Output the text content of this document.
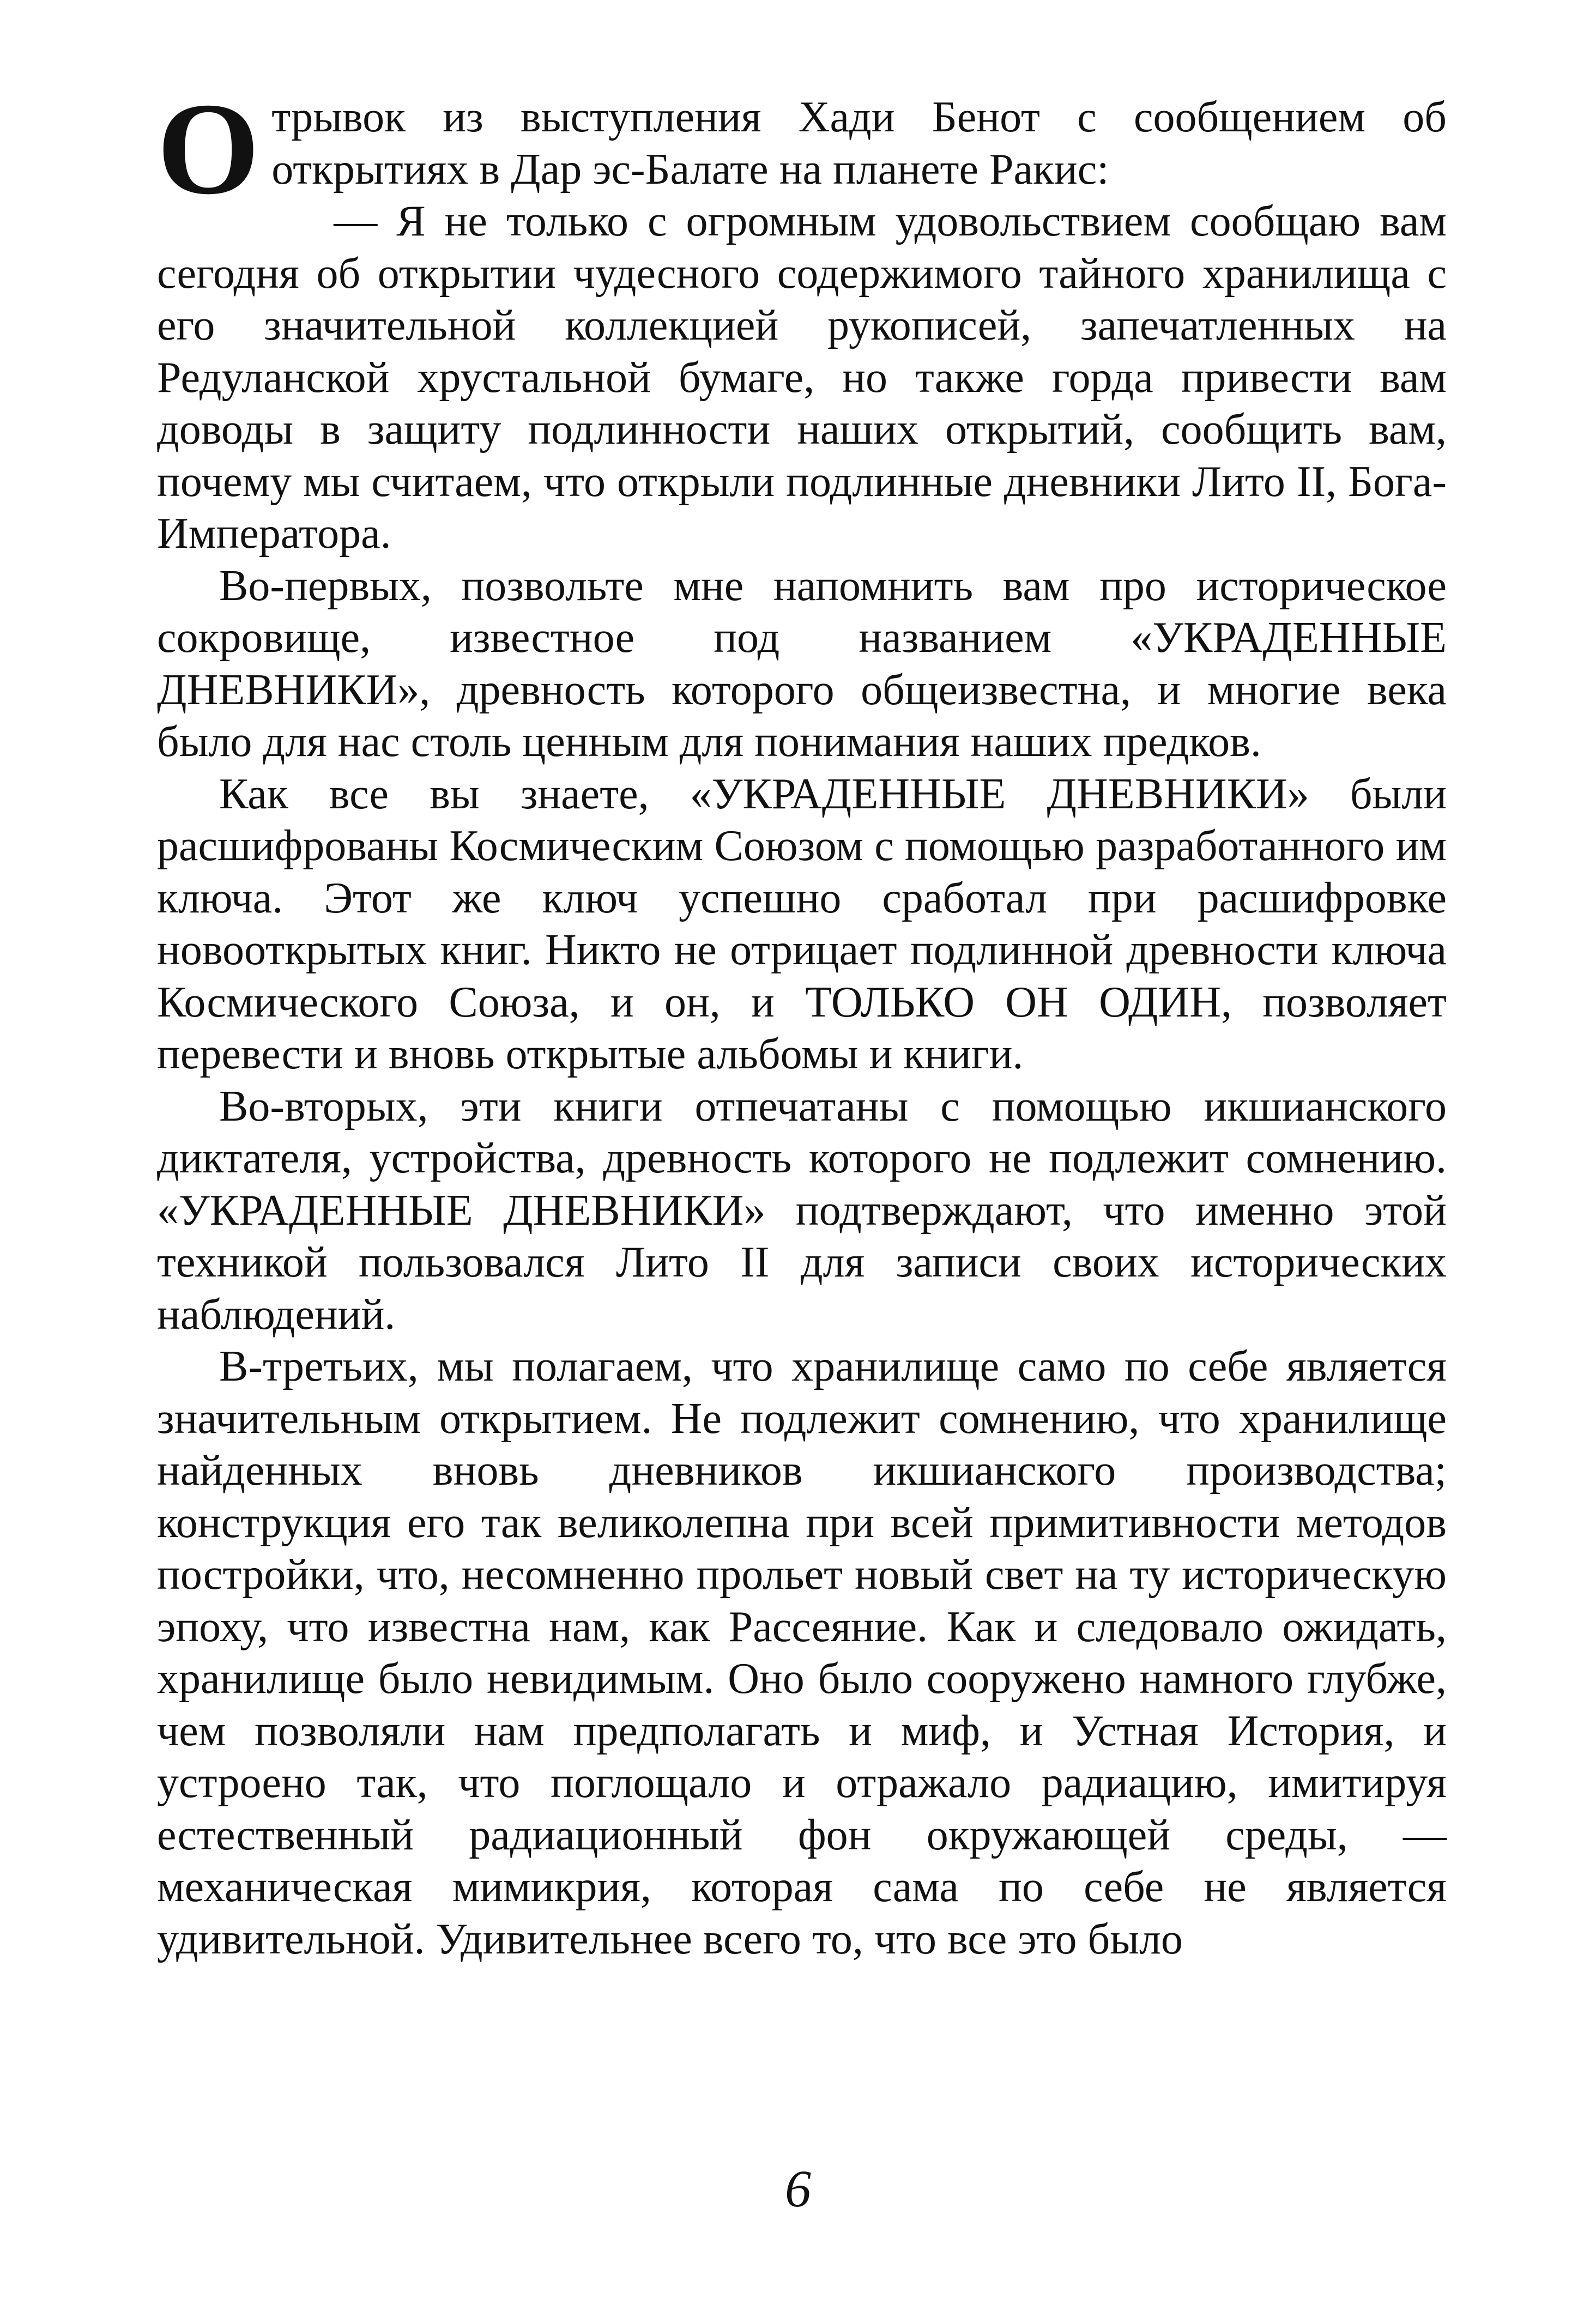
Отрывок из выступления Хади Бенот с сообщением об открытиях в Дар эс-Балате на планете Ракис:

— Я не только с огромным удовольствием сообщаю вам сегодня об открытии чудесного содержимого тайного хранилища с его значительной коллекцией рукописей, запечатленных на Редуланской хрустальной бумаге, но также горда привести вам доводы в защиту подлинности наших открытий, сообщить вам, почему мы считаем, что открыли подлинные дневники Лито II, Бога-Императора.

Во-первых, позвольте мне напомнить вам про историческое сокровище, известное под названием «УКРАДЕННЫЕ ДНЕВНИКИ», древность которого общеизвестна, и многие века было для нас столь ценным для понимания наших предков.

Как все вы знаете, «УКРАДЕННЫЕ ДНЕВНИКИ» были расшифрованы Космическим Союзом с помощью разработанного им ключа. Этот же ключ успешно сработал при расшифровке новооткрытых книг. Никто не отрицает подлинной древности ключа Космического Союза, и он, и ТОЛЬКО ОН ОДИН, позволяет перевести и вновь открытые альбомы и книги.

Во-вторых, эти книги отпечатаны с помощью икшианского диктателя, устройства, древность которого не подлежит сомнению. «УКРАДЕННЫЕ ДНЕВНИКИ» подтверждают, что именно этой техникой пользовался Лито II для записи своих исторических наблюдений.

В-третьих, мы полагаем, что хранилище само по себе является значительным открытием. Не подлежит сомнению, что хранилище найденных вновь дневников икшианского производства; конструкция его так великолепна при всей примитивности методов постройки, что, несомненно прольет новый свет на ту историческую эпоху, что известна нам, как Рассеяние. Как и следовало ожидать, хранилище было невидимым. Оно было сооружено намного глубже, чем позволяли нам предполагать и миф, и Устная История, и устроено так, что поглощало и отражало радиацию, имитируя естественный радиационный фон окружающей среды, — механическая мимикрия, которая сама по себе не является удивительной. Удивительнее всего то, что все это было

6
